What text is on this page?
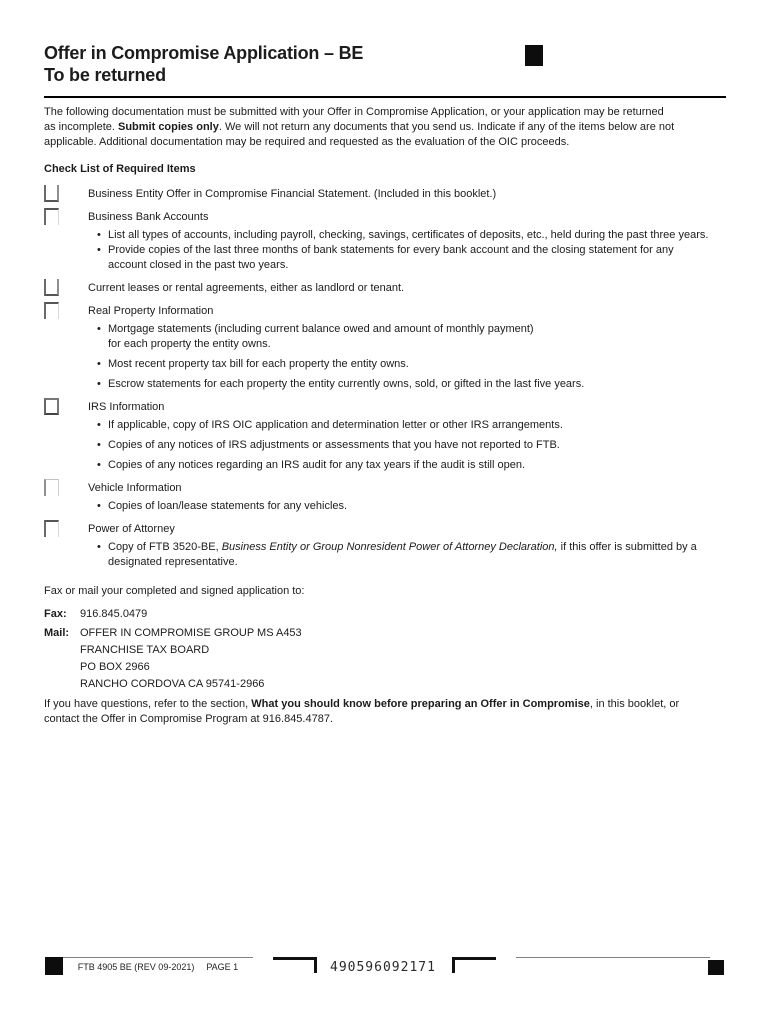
Offer in Compromise Application – BE
To be returned
The following documentation must be submitted with your Offer in Compromise Application, or your application may be returned
as incomplete. Submit copies only. We will not return any documents that you send us. Indicate if any of the items below are not
applicable. Additional documentation may be required and requested as the evaluation of the OIC proceeds.
Check List of Required Items
Business Entity Offer in Compromise Financial Statement. (Included in this booklet.)
Business Bank Accounts
• List all types of accounts, including payroll, checking, savings, certificates of deposits, etc., held during the past three years.
• Provide copies of the last three months of bank statements for every bank account and the closing statement for any
account closed in the past two years.
Current leases or rental agreements, either as landlord or tenant.
Real Property Information
• Mortgage statements (including current balance owed and amount of monthly payment)
for each property the entity owns.
• Most recent property tax bill for each property the entity owns.
• Escrow statements for each property the entity currently owns, sold, or gifted in the last five years.
IRS Information
• If applicable, copy of IRS OIC application and determination letter or other IRS arrangements.
• Copies of any notices of IRS adjustments or assessments that you have not reported to FTB.
• Copies of any notices regarding an IRS audit for any tax years if the audit is still open.
Vehicle Information
• Copies of loan/lease statements for any vehicles.
Power of Attorney
• Copy of FTB 3520-BE, Business Entity or Group Nonresident Power of Attorney Declaration, if this offer is submitted by a
designated representative.
Fax or mail your completed and signed application to:
Fax:	916.845.0479
Mail: OFFER IN COMPROMISE GROUP MS A453
FRANCHISE TAX BOARD
PO BOX 2966
RANCHO CORDOVA CA 95741-2966
If you have questions, refer to the section, What you should know before preparing an Offer in Compromise, in this booklet, or
contact the Offer in Compromise Program at 916.845.4787.
FTB 4905 BE (REV 09-2021) PAGE 1	490596092171
